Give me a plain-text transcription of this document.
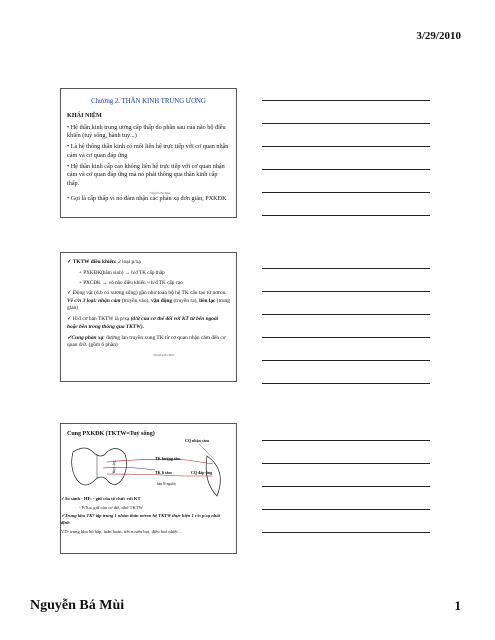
3/29/2010
Chương 2. THẦN KINH TRUNG ƯƠNG
KHÁI NIỆM
• Hệ thần kinh trung ương cấp thấp do phần sau của não bộ điều khiển (tuỷ sống, hành tuỷ...)
• Là hệ thống thần kinh có mối liên hệ trực tiếp với cơ quan nhận cảm và cơ quan đáp ứng
• Hệ thần kinh cấp cao không liên hệ trực tiếp với cơ quan nhận cảm và cơ quan đáp ứng mà nó phải thông qua thần kinh cấp thấp.
Nguyễn Bá Mùi
• Gọi là cấp thấp vì nó đảm nhận các phản xạ đơn giản, PXKĐK
✓ TKTW điều khiển: 2 loại p/xạ
+ PXKĐK(bẩm sinh) → h/đ TK cấp thấp
+ PXCĐK → vỏ não điều khiển ≈ h/đ TK cấp cao
✓ Động vật (d.b có xương sống) gần như toàn bộ hệ TK cấu tạo từ nơron. Về c/n 3 loại: nhận cảm (truyền vào), vận động (truyền ra), liên lạc (trung gian)
✓ H/đ cơ bản TKTW là p/xạ (đ/ứ của cơ thể đối với KT từ bên ngoài hoặc bên trong thông qua TKTW).
✓Cung phản xạ: đường lan truyền xung TK từ cơ quan nhận cảm đến cơ quan đ/ứ. (gồm 6 phần)
Nguyễn Bá Mùi
Cung PXKĐK (TKTW=Tuỷ sống)
CQ nhận cảm
TK hướng tâm
TK li tâm	CQ đáp ứng
bản lề nguồn
Tuỷ sống
✓So sánh - HF: - giữ của tổ chức với KT
- P/Xạ: giữ của cơ thể, nhờ TKTW
✓Trung khu TK? tập trung 1 nhóm thân nơron hệ TKTW thực hiện 1 c/n p/xạ nhất định
VD: trung khu hô hấp, tuần hoàn, tiết n.niêu bọt, điều hoà nhiệt…
Nguyễn Bá Mùi	1
